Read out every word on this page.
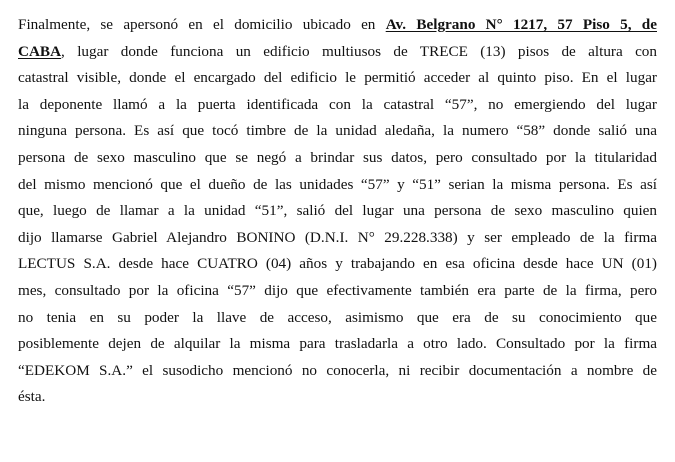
Finalmente, se apersonó en el domicilio ubicado en Av. Belgrano N° 1217, 57 Piso 5, de
CABA, lugar donde funciona un edificio multiusos de TRECE (13) pisos de altura con
catastral visible, donde el encargado del edificio le permitió acceder al quinto piso. En el lugar
la deponente llamó a la puerta identificada con la catastral “57”, no emergiendo del lugar
ninguna persona. Es así que tocó timbre de la unidad aledaña, la numero “58” donde salió una
persona de sexo masculino que se negó a brindar sus datos, pero consultado por la titularidad
del mismo mencionó que el dueño de las unidades “57” y “51” serian la misma persona. Es así
que, luego de llamar a la unidad “51”, salió del lugar una persona de sexo masculino quien
dijo llamarse Gabriel Alejandro BONINO (D.N.I. N° 29.228.338) y ser empleado de la firma
LECTUS S.A. desde hace CUATRO (04) años y trabajando en esa oficina desde hace UN (01)
mes, consultado por la oficina “57” dijo que efectivamente también era parte de la firma, pero
no tenia en su poder la llave de acceso, asimismo que era de su conocimiento que
posiblemente dejen de alquilar la misma para trasladarla a otro lado. Consultado por la firma
“EDEKOM S.A.” el susodicho mencionó no conocerla, ni recibir documentación a nombre de
ésta.
